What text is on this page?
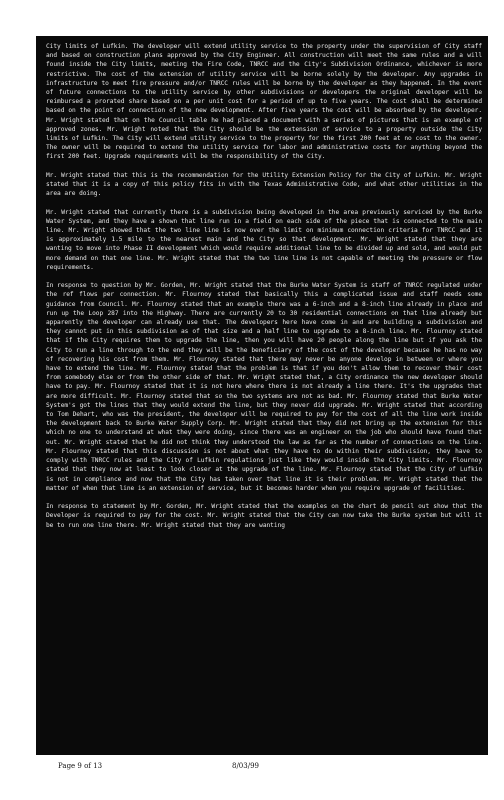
City limits of Lufkin. The developer will extend utility service to the property under the supervision of City staff and based on construction plans approved by the City Engineer. All construction will meet the same rules and a will found inside the City limits, meeting the Fire Code, TNRCC and the City's Subdivision Ordinance, whichever is more restrictive. The cost of the extension of utility service will be borne solely by the developer. Any upgrades in infrastructure to meet fire pressure and/or TNRCC rules will be borne by the developer as they happened. In the event of future connections to the utility service by other subdivisions or developers the original developer will be reimbursed a prorated share based on a per unit cost for a period of up to five years. The cost shall be determined based on the point of connection of the new development. After five years the cost will be absorbed by the developer. Mr. Wright stated that on the Council table he had placed a document with a series of pictures that is an example of approved zones. Mr. Wright noted that the City should be the extension of service to a property outside the City limits of Lufkin. The City will extend utility service to the property for the first 200 feet at no cost to the owner. The owner will be required to extend the utility service for labor and administrative costs for anything beyond the first 200 feet. Upgrade requirements will be the responsibility of the City.

Mr. Wright stated that this is the recommendation for the Utility Extension Policy for the City of Lufkin. Mr. Wright stated that it is a copy of this policy fits in with the Texas Administrative Code, and what other utilities in the area are doing.

Mr. Wright stated that currently there is a subdivision being developed in the area previously serviced by the Burke Water System, and they have a shown that line run in a field on each side of the piece that is connected to the main line. Mr. Wright showed that the two line line is now over the limit on minimum connection criteria for TNRCC and it is approximately 1.5 mile to the nearest main and the City so that development. Mr. Wright stated that they are wanting to move into Phase II development which would require additional line to be divided up and sold, and would put more demand on that one line. Mr. Wright stated that the two line line is not capable of meeting the pressure or flow requirements.

In response to question by Mr. Gorden, Mr. Wright stated that the Burke Water System is staff of TNRCC regulated under the ref flows per connection. Mr. Flournoy stated that basically this a complicated issue and staff needs some guidance from Council. Mr. Flournoy stated that an example there was a 6-inch and a 8-inch line already in place and run up the Loop 287 into the Highway. There are currently 20 to 30 residential connections on that line already but apparently the developer can already use that. The developers here have come in and are building a subdivision and they cannot put in this subdivision as of that size and a half line to upgrade to a 8-inch line. Mr. Flournoy stated that if the City requires them to upgrade the line, then you will have 20 people along the line but if you ask the City to run a line through to the end they will be the beneficiary of the cost of the developer because he has no way of recovering his cost from them. Mr. Flournoy stated that there may never be anyone develop in between or where you have to extend the line. Mr. Flournoy stated that the problem is that if you don't allow them to recover their cost from somebody else or from the other side of that. Mr. Wright stated that, a City ordinance the new developer should have to pay. Mr. Flournoy stated that it is not here where there is not already a line there. It's the upgrades that are more difficult. Mr. Flournoy stated that so the two systems are not as bad. Mr. Flournoy stated that Burke Water System's got the lines that they would extend the line, but they never did upgrade. Mr. Wright stated that according to Tom Dehart, who was the president, the developer will be required to pay for the cost of all the line work inside the development back to Burke Water Supply Corp. Mr. Wright stated that they did not bring up the extension for this which no one to understand at what they were doing, since there was an engineer on the job who should have found that out. Mr. Wright stated that he did not think they understood the law as far as the number of connections on the line. Mr. Flournoy stated that this discussion is not about what they have to do within their subdivision, they have to comply with TNRCC rules and the City of Lufkin regulations just like they would inside the City limits. Mr. Flournoy stated that they now at least to look closer at the upgrade of the line. Mr. Flournoy stated that the City of Lufkin is not in compliance and now that the City has taken over that line it is their problem. Mr. Wright stated that the matter of when that line is an extension of service, but it becomes harder when you require upgrade of facilities.

In response to statement by Mr. Gorden, Mr. Wright stated that the examples on the chart do pencil out show that the Developer is required to pay for the cost. Mr. Wright stated that the City can now take the Burke system but will it be to run one line there. Mr. Wright stated that they are wanting

Page 9 of 13	8/03/99
